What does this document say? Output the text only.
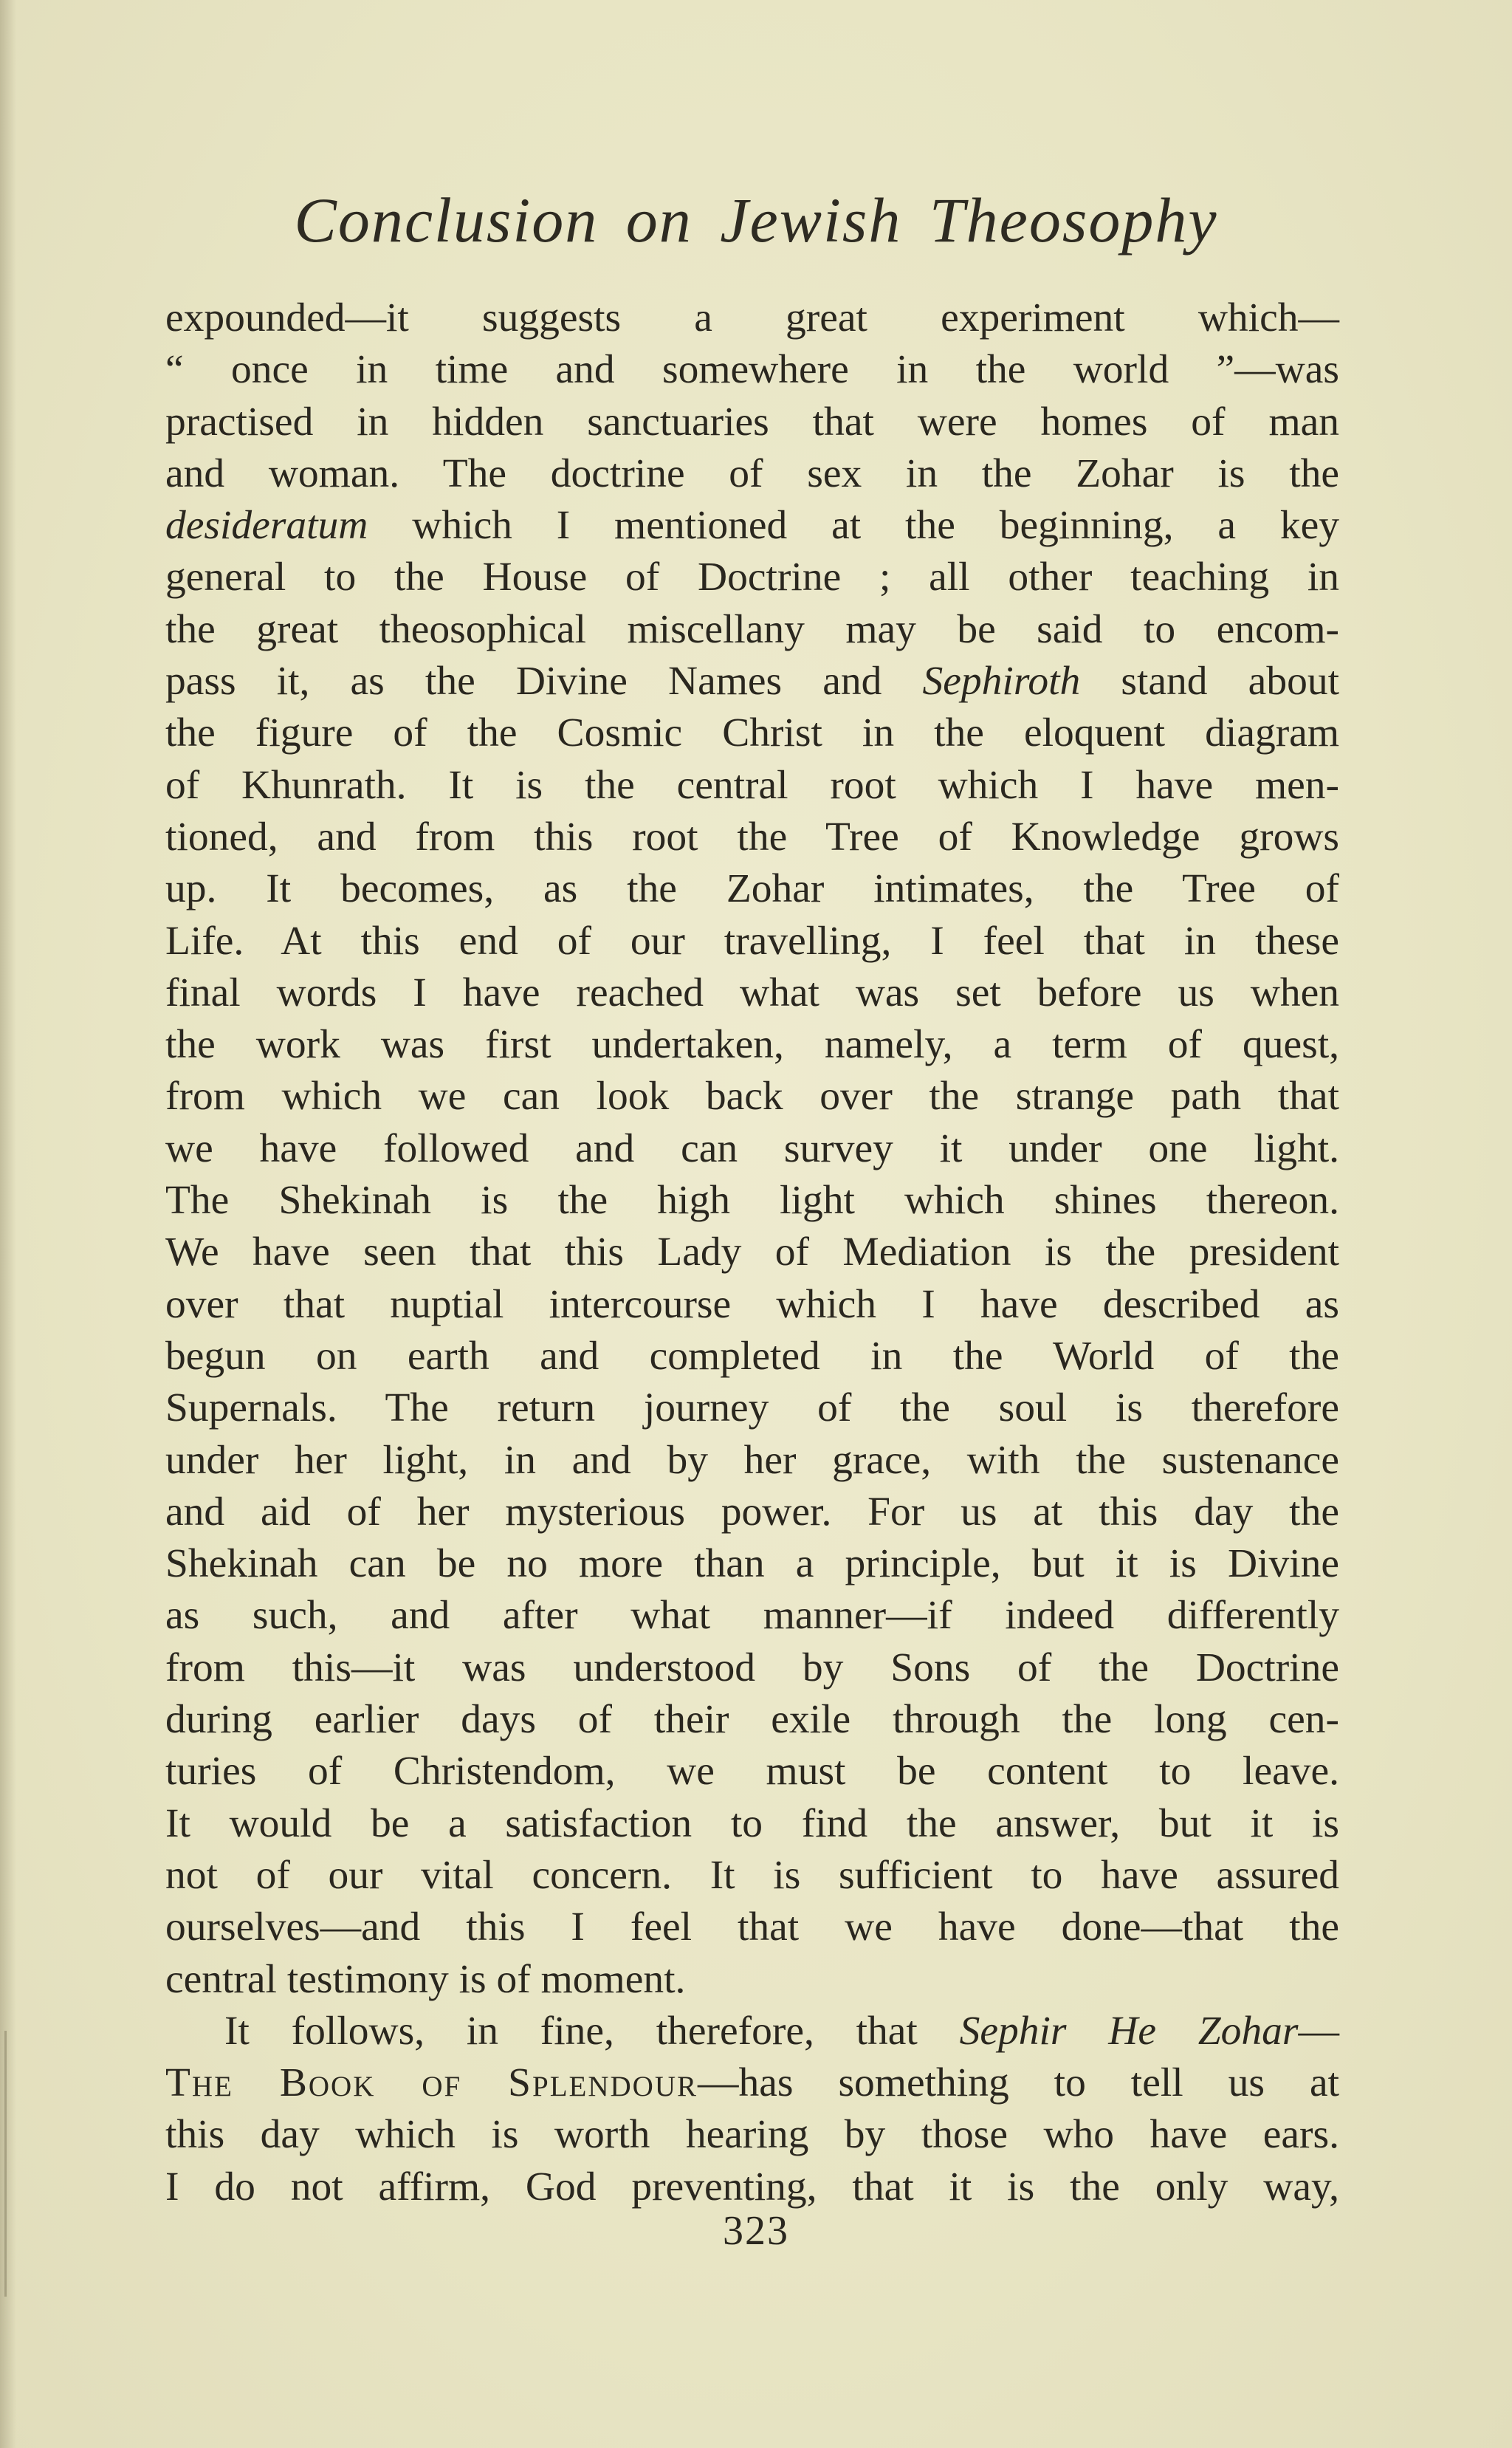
Conclusion on Jewish Theosophy
expounded—it suggests a great experiment which—
“ once in time and somewhere in the world ”—was
practised in hidden sanctuaries that were homes of man
and woman. The doctrine of sex in the Zohar is the
desideratum which I mentioned at the beginning, a key
general to the House of Doctrine ; all other teaching in
the great theosophical miscellany may be said to encom-
pass it, as the Divine Names and Sephiroth stand about
the figure of the Cosmic Christ in the eloquent diagram
of Khunrath. It is the central root which I have men-
tioned, and from this root the Tree of Knowledge grows
up. It becomes, as the Zohar intimates, the Tree of
Life. At this end of our travelling, I feel that in these
final words I have reached what was set before us when
the work was first undertaken, namely, a term of quest,
from which we can look back over the strange path that
we have followed and can survey it under one light.
The Shekinah is the high light which shines thereon.
We have seen that this Lady of Mediation is the president
over that nuptial intercourse which I have described as
begun on earth and completed in the World of the
Supernals. The return journey of the soul is therefore
under her light, in and by her grace, with the sustenance
and aid of her mysterious power. For us at this day the
Shekinah can be no more than a principle, but it is Divine
as such, and after what manner—if indeed differently
from this—it was understood by Sons of the Doctrine
during earlier days of their exile through the long cen-
turies of Christendom, we must be content to leave.
It would be a satisfaction to find the answer, but it is
not of our vital concern. It is sufficient to have assured
ourselves—and this I feel that we have done—that the
central testimony is of moment.
It follows, in fine, therefore, that Sephir He Zohar—
The Book of Splendour—has something to tell us at
this day which is worth hearing by those who have ears.
I do not affirm, God preventing, that it is the only way,
323
